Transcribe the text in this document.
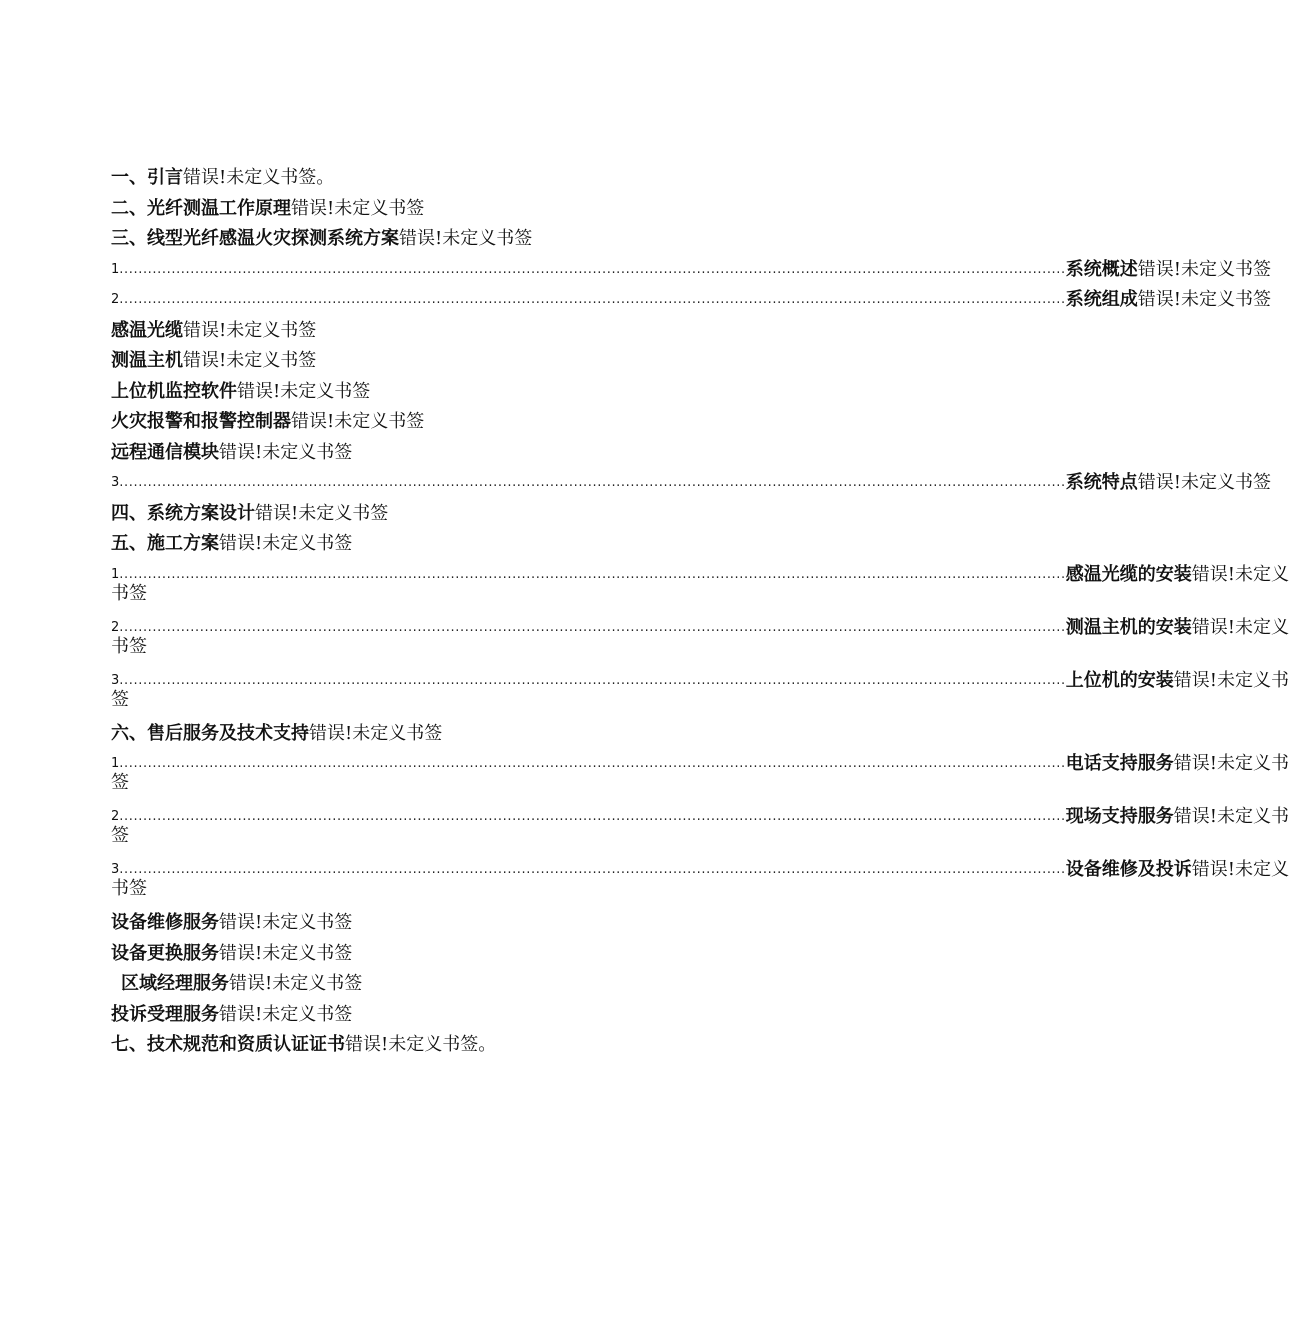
一、引言错误!未定义书签。
二、光纤测温工作原理错误!未定义书签
三、线型光纤感温火灾探测系统方案错误!未定义书签
1 ........................................................................................................................................................................................................ 系统概述错误!未定义书签
2 ........................................................................................................................................................................................................ 系统组成错误!未定义书签
感温光缆错误!未定义书签
测温主机错误!未定义书签
上位机监控软件错误!未定义书签
火灾报警和报警控制器错误!未定义书签
远程通信模块错误!未定义书签
3 ........................................................................................................................................................................................................ 系统特点错误!未定义书签
四、系统方案设计错误!未定义书签
五、施工方案错误!未定义书签
1 ........................................................................................................................................................................................................ 感温光缆的安装错误!未定义
书签
2 ........................................................................................................................................................................................................ 测温主机的安装错误!未定义
书签
3 ........................................................................................................................................................................................................ 上位机的安装错误!未定义书
签
六、售后服务及技术支持错误!未定义书签
1 ........................................................................................................................................................................................................ 电话支持服务错误!未定义书
签
2 ........................................................................................................................................................................................................ 现场支持服务错误!未定义书
签
3 ........................................................................................................................................................................................................ 设备维修及投诉错误!未定义
书签
设备维修服务错误!未定义书签
设备更换服务错误!未定义书签
区域经理服务错误!未定义书签
投诉受理服务错误!未定义书签
七、技术规范和资质认证证书错误!未定义书签。
